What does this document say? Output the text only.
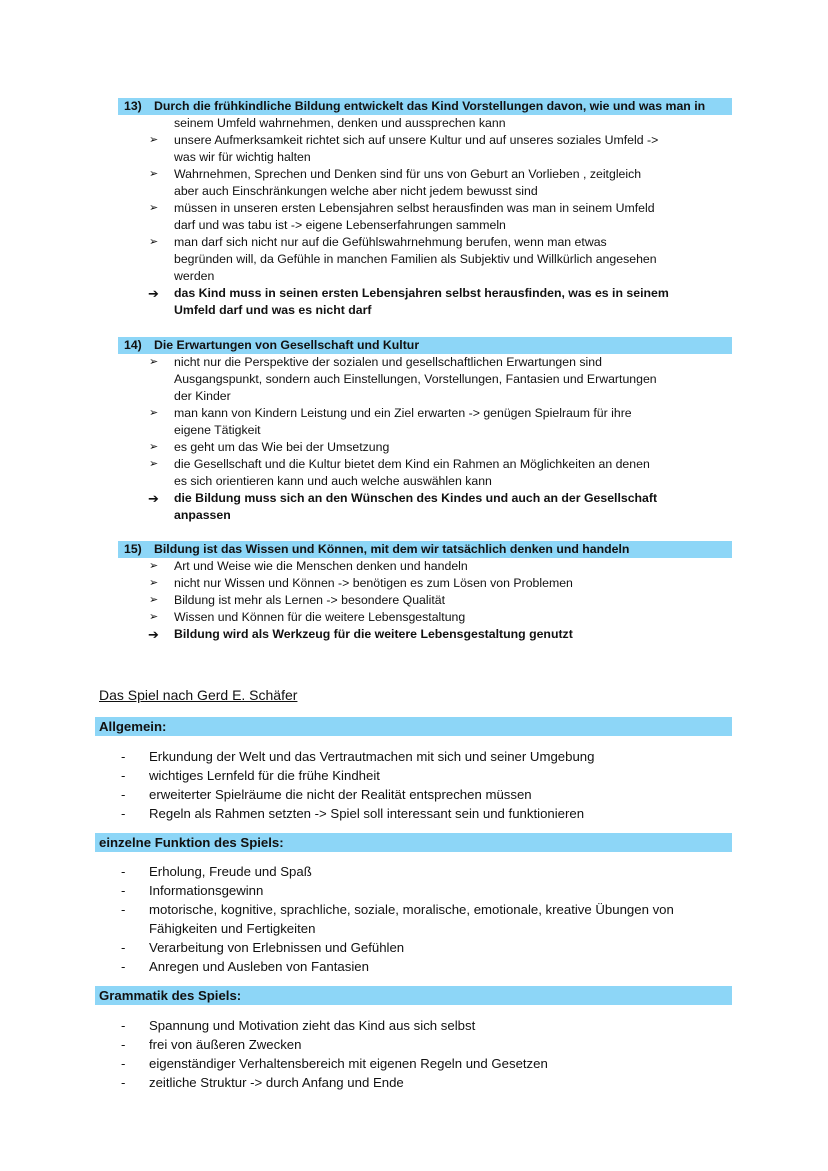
13) Durch die frühkindliche Bildung entwickelt das Kind Vorstellungen davon, wie und was man in
seinem Umfeld wahrnehmen, denken und aussprechen kann
➢	unsere Aufmerksamkeit richtet sich auf unsere Kultur und auf unseres soziales Umfeld ->
was wir für wichtig halten
➢	Wahrnehmen, Sprechen und Denken sind für uns von Geburt an Vorlieben , zeitgleich
aber auch Einschränkungen welche aber nicht jedem bewusst sind
➢	müssen in unseren ersten Lebensjahren selbst herausfinden was man in seinem Umfeld
darf und was tabu ist -> eigene Lebenserfahrungen sammeln
➢	man darf sich nicht nur auf die Gefühlswahrnehmung berufen, wenn man etwas
begründen will, da Gefühle in manchen Familien als Subjektiv und Willkürlich angesehen
werden
➔	das Kind muss in seinen ersten Lebensjahren selbst herausfinden, was es in seinem
Umfeld darf und was es nicht darf
14) Die Erwartungen von Gesellschaft und Kultur
➢	nicht nur die Perspektive der sozialen und gesellschaftlichen Erwartungen sind
Ausgangspunkt, sondern auch Einstellungen, Vorstellungen, Fantasien und Erwartungen
der Kinder
➢	man kann von Kindern Leistung und ein Ziel erwarten -> genügen Spielraum für ihre
eigene Tätigkeit
➢	es geht um das Wie bei der Umsetzung
➢	die Gesellschaft und die Kultur bietet dem Kind ein Rahmen an Möglichkeiten an denen
es sich orientieren kann und auch welche auswählen kann
➔	die Bildung muss sich an den Wünschen des Kindes und auch an der Gesellschaft
anpassen
15) Bildung ist das Wissen und Können, mit dem wir tatsächlich denken und handeln
➢	Art und Weise wie die Menschen denken und handeln
➢	nicht nur Wissen und Können -> benötigen es zum Lösen von Problemen
➢	Bildung ist mehr als Lernen -> besondere Qualität
➢	Wissen und Können für die weitere Lebensgestaltung
➔	Bildung wird als Werkzeug für die weitere Lebensgestaltung genutzt
Das Spiel nach Gerd E. Schäfer
Allgemein:
- Erkundung der Welt und das Vertrautmachen mit sich und seiner Umgebung
- wichtiges Lernfeld für die frühe Kindheit
- erweiterter Spielräume die nicht der Realität entsprechen müssen
- Regeln als Rahmen setzten -> Spiel soll interessant sein und funktionieren
einzelne Funktion des Spiels:
- Erholung, Freude und Spaß
- Informationsgewinn
- motorische, kognitive, sprachliche, soziale, moralische, emotionale, kreative Übungen von
Fähigkeiten und Fertigkeiten
- Verarbeitung von Erlebnissen und Gefühlen
- Anregen und Ausleben von Fantasien
Grammatik des Spiels:
- Spannung und Motivation zieht das Kind aus sich selbst
- frei von äußeren Zwecken
- eigenständiger Verhaltensbereich mit eigenen Regeln und Gesetzen
- zeitliche Struktur -> durch Anfang und Ende
